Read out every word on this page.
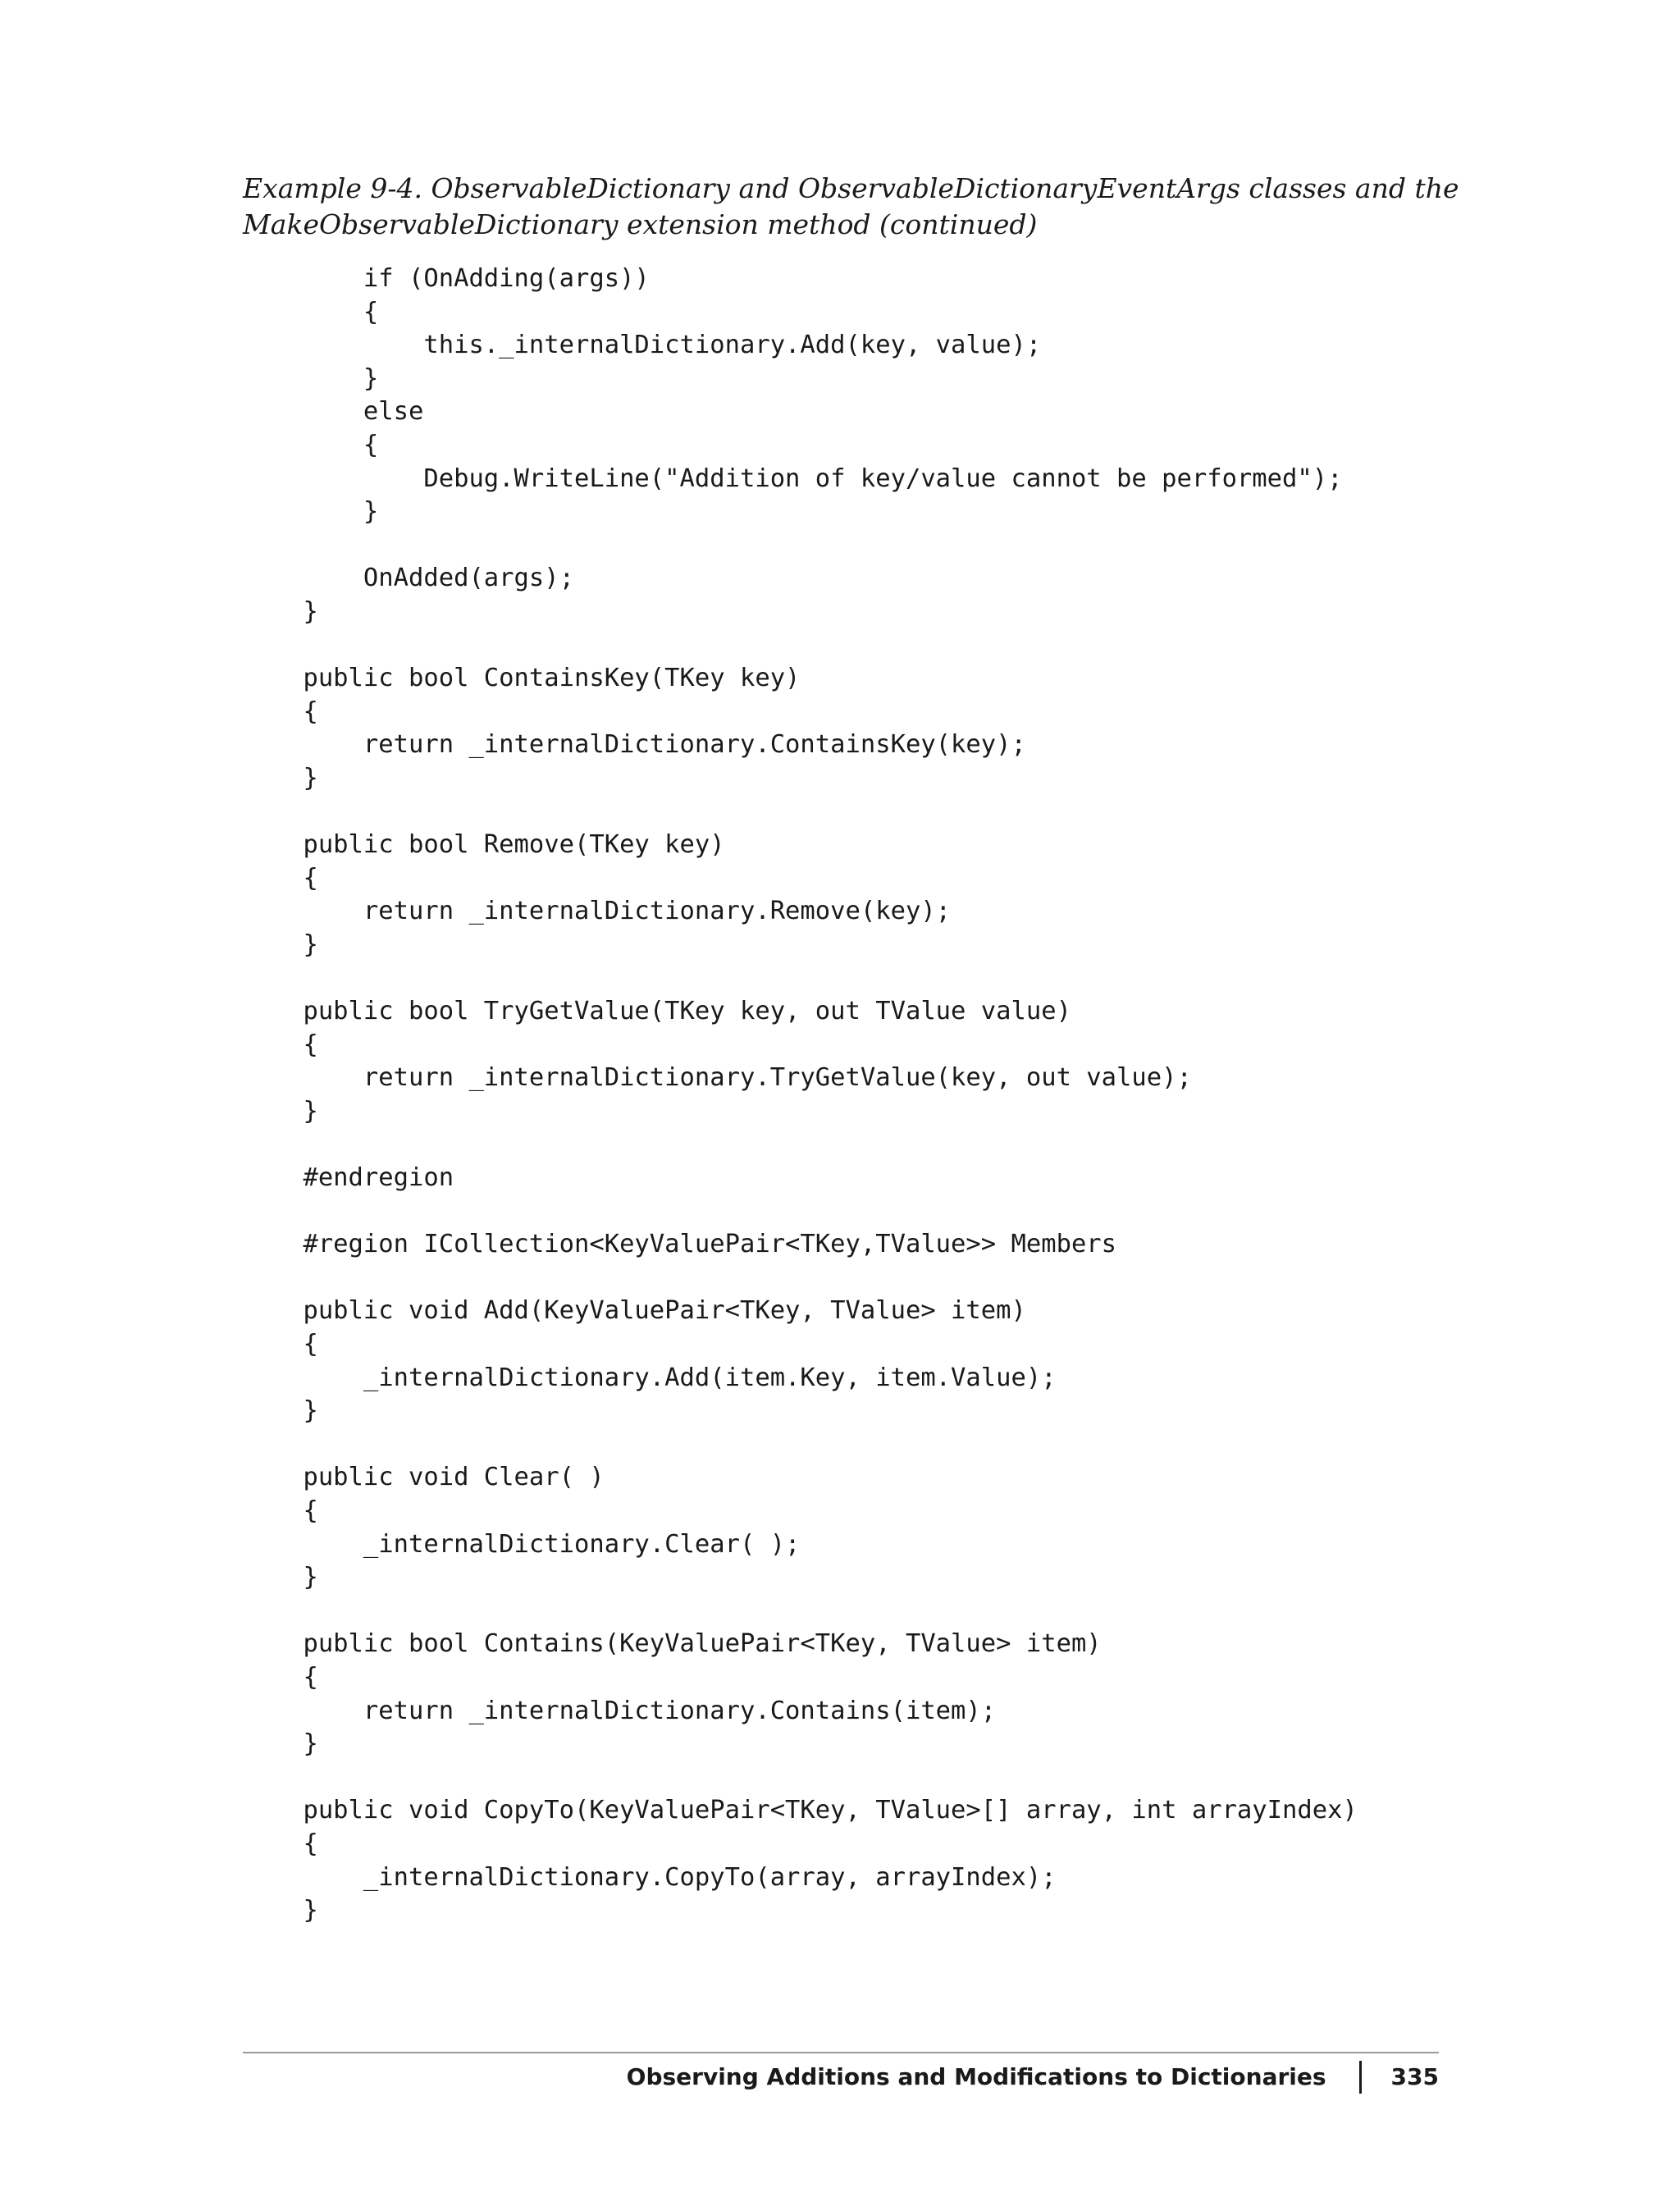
Example 9-4. ObservableDictionary and ObservableDictionaryEventArgs classes and the
MakeObservableDictionary extension method (continued)
if (OnAdding(args))
{
this._internalDictionary.Add(key, value);
}
else
{
Debug.WriteLine("Addition of key/value cannot be performed");
}
OnAdded(args);
}
public bool ContainsKey(TKey key)
{
return _internalDictionary.ContainsKey(key);
}
public bool Remove(TKey key)
{
return _internalDictionary.Remove(key);
}
public bool TryGetValue(TKey key, out TValue value)
{
return _internalDictionary.TryGetValue(key, out value);
}
#endregion
#region ICollection<KeyValuePair<TKey,TValue>> Members
public void Add(KeyValuePair<TKey, TValue> item)
{
_internalDictionary.Add(item.Key, item.Value);
}
public void Clear( )
{
_internalDictionary.Clear( );
}
public bool Contains(KeyValuePair<TKey, TValue> item)
{
return _internalDictionary.Contains(item);
}
public void CopyTo(KeyValuePair<TKey, TValue>[] array, int arrayIndex)
{
_internalDictionary.CopyTo(array, arrayIndex);
}
Observing Additions and Modifications to Dictionaries	335
